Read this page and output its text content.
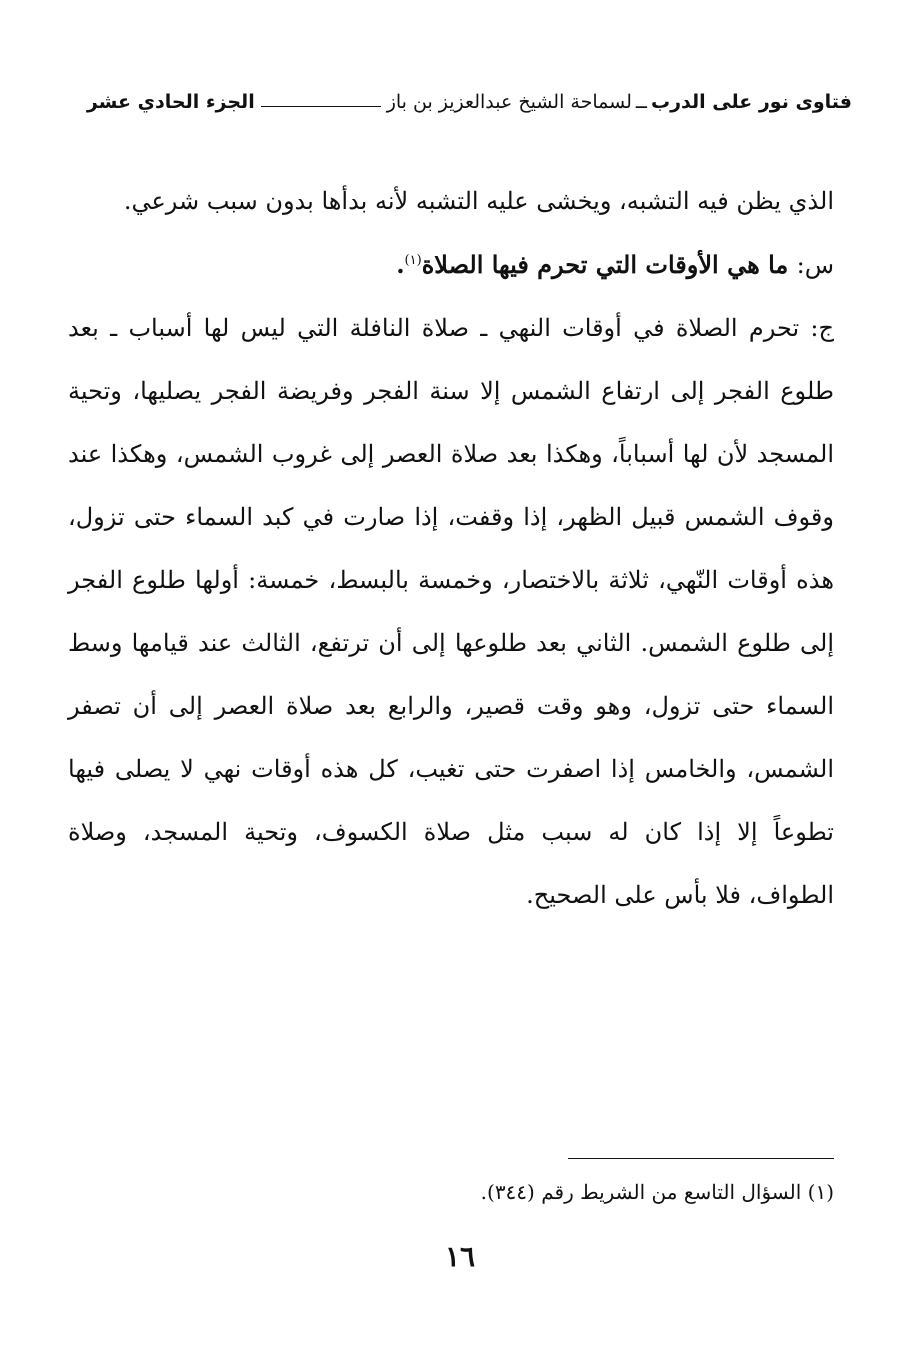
فتاوى نور على الدرب
ــ
لسماحة الشيخ عبدالعزيز بن باز
الجزء الحادي عشر

الذي يظن فيه التشبه، ويخشى عليه التشبه لأنه بدأها بدون سبب شرعي.

س: ما هي الأوقات التي تحرم فيها الصلاة$^{(١)}$.

ج: تحرم الصلاة في أوقات النهي ـ صلاة النافلة التي ليس لها أسباب ـ بعد طلوع الفجر إلى ارتفاع الشمس إلا سنة الفجر وفريضة الفجر يصليها، وتحية المسجد لأن لها أسباباً، وهكذا بعد صلاة العصر إلى غروب الشمس، وهكذا عند وقوف الشمس قبيل الظهر، إذا وقفت، إذا صارت في كبد السماء حتى تزول، هذه أوقات النّهي، ثلاثة بالاختصار، وخمسة بالبسط، خمسة: أولها طلوع الفجر إلى طلوع الشمس. الثاني بعد طلوعها إلى أن ترتفع، الثالث عند قيامها وسط السماء حتى تزول، وهو وقت قصير، والرابع بعد صلاة العصر إلى أن تصفر الشمس، والخامس إذا اصفرت حتى تغيب، كل هذه أوقات نهي لا يصلى فيها تطوعاً إلا إذا كان له سبب مثل صلاة الكسوف، وتحية المسجد، وصلاة الطواف، فلا بأس على الصحيح.

(١) السؤال التاسع من الشريط رقم (٣٤٤).
١٦
